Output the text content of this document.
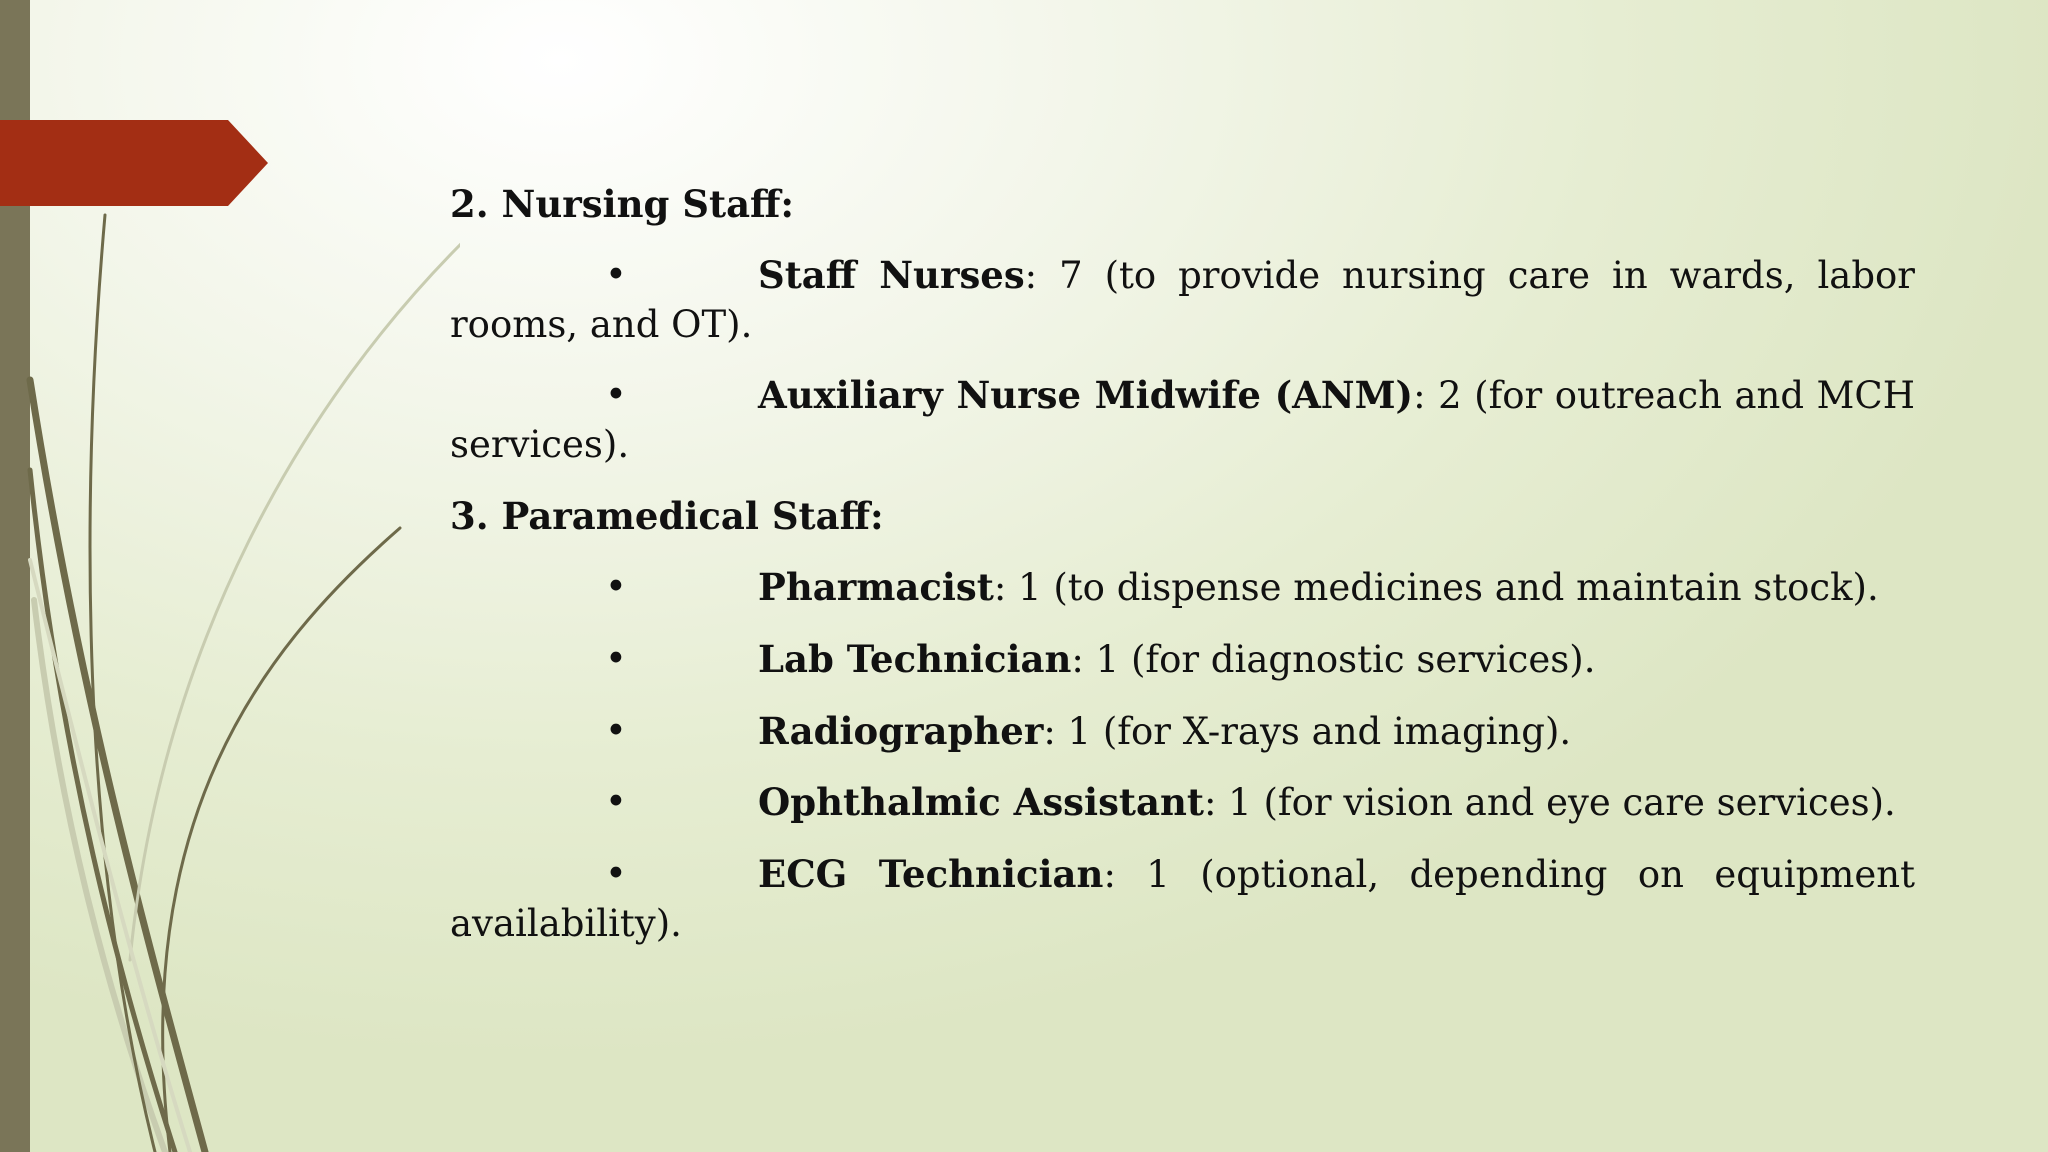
2. Nursing Staff:
•	Staff Nurses: 7 (to provide nursing care in wards, labor rooms, and OT).
•	Auxiliary Nurse Midwife (ANM): 2 (for outreach and MCH services).
3. Paramedical Staff:
•	Pharmacist: 1 (to dispense medicines and maintain stock).
•	Lab Technician: 1 (for diagnostic services).
•	Radiographer: 1 (for X-rays and imaging).
•	Ophthalmic Assistant: 1 (for vision and eye care services).
•	ECG Technician: 1 (optional, depending on equipment availability).
